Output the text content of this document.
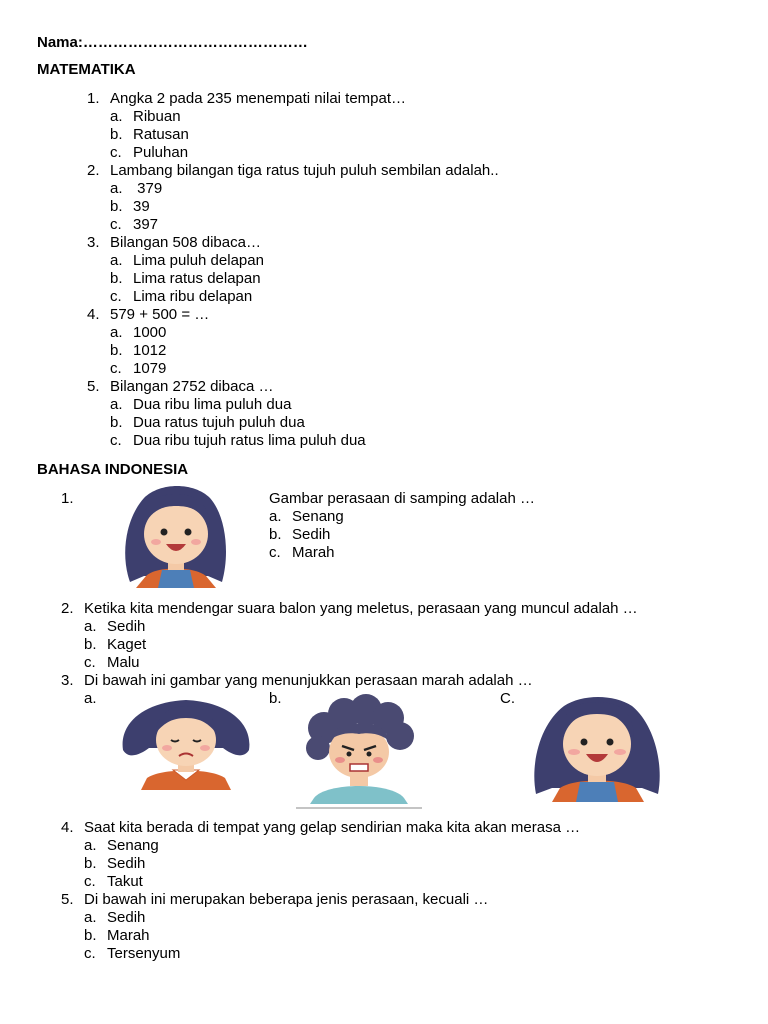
Nama:………………………………………
MATEMATIKA
1. Angka 2 pada 235 menempati nilai tempat…
a. Ribuan
b. Ratusan
c. Puluhan
2. Lambang bilangan tiga ratus tujuh puluh sembilan adalah..
a. 379
b. 39
c. 397
3. Bilangan 508 dibaca…
a. Lima puluh delapan
b. Lima ratus delapan
c. Lima ribu delapan
4. 579 + 500 = …
a. 1000
b. 1012
c. 1079
5. Bilangan 2752 dibaca …
a. Dua ribu lima puluh dua
b. Dua ratus tujuh puluh dua
c. Dua ribu tujuh ratus lima puluh dua
BAHASA INDONESIA
1.	Gambar perasaan di samping adalah …
a. Senang
b. Sedih
c. Marah
2. Ketika kita mendengar suara balon yang meletus, perasaan yang muncul adalah …
a. Sedih
b. Kaget
c. Malu
3. Di bawah ini gambar yang menunjukkan perasaan marah adalah …
a.	b.	C.
4. Saat kita berada di tempat yang gelap sendirian maka kita akan merasa …
a. Senang
b. Sedih
c. Takut
5. Di bawah ini merupakan beberapa jenis perasaan, kecuali …
a. Sedih
b. Marah
c. Tersenyum
